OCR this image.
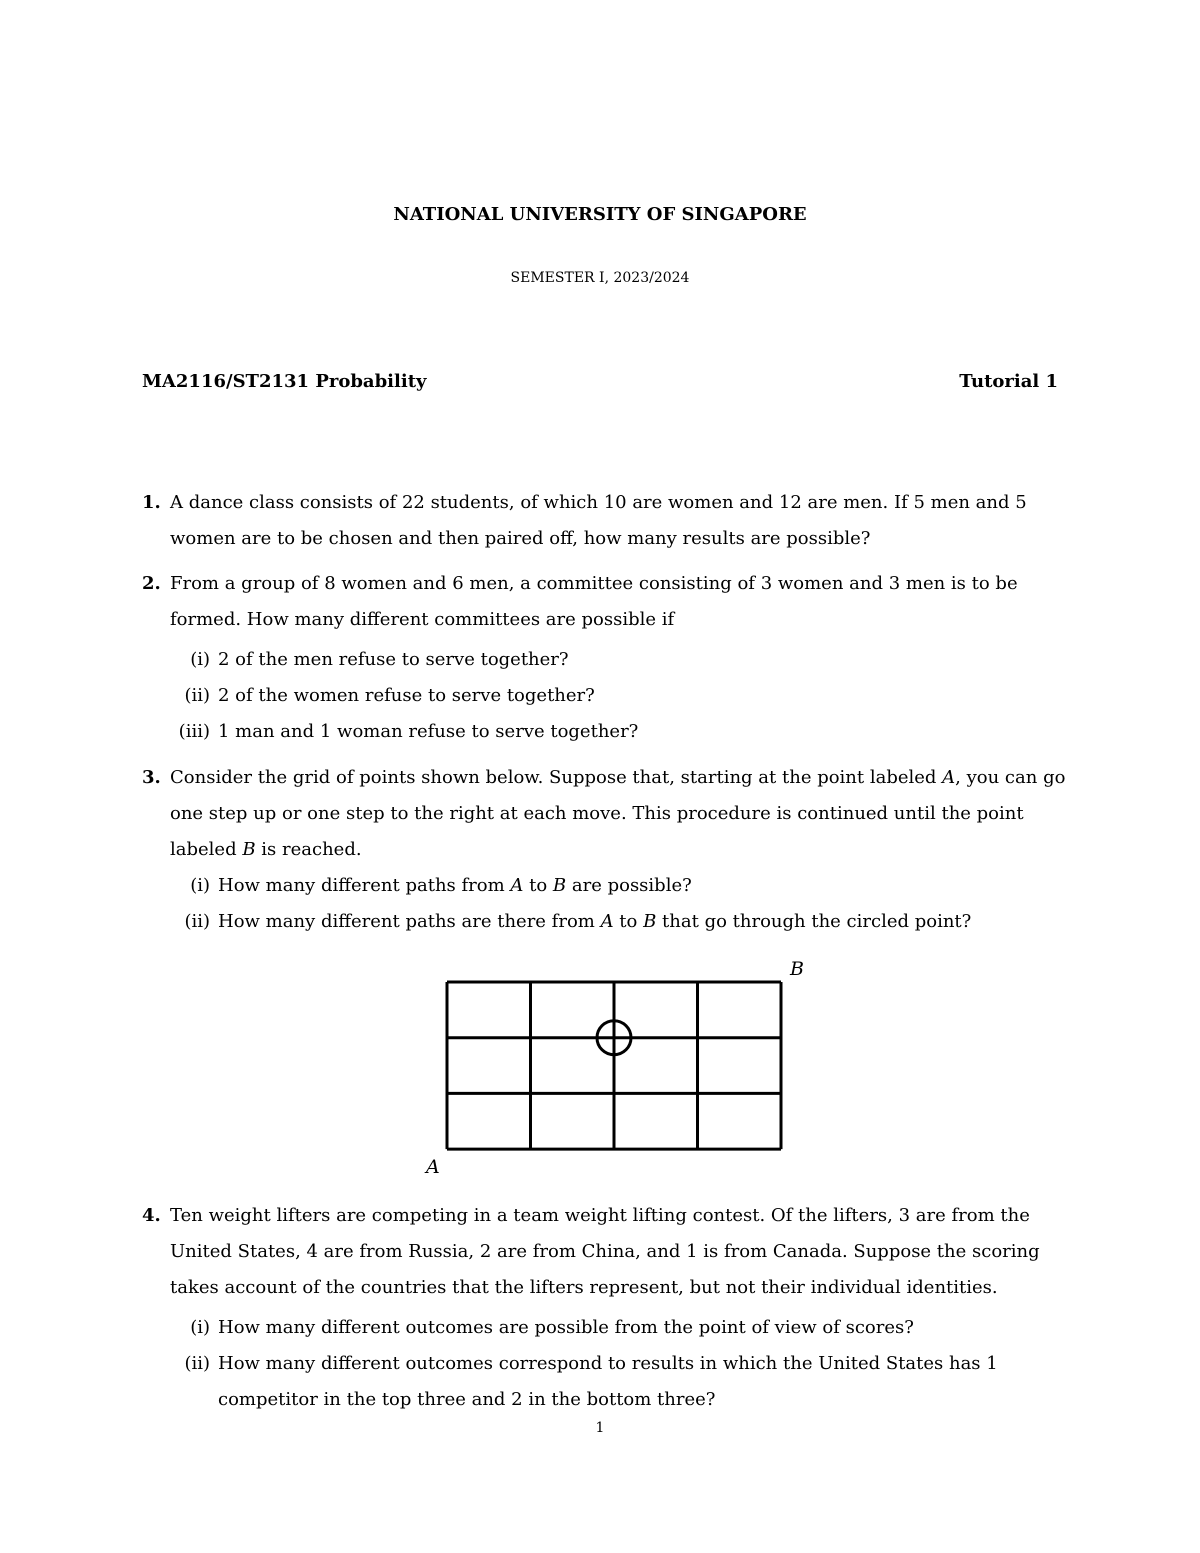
NATIONAL UNIVERSITY OF SINGAPORE
SEMESTER I, 2023/2024
MA2116/ST2131 Probability	Tutorial 1
1. A dance class consists of 22 students, of which 10 are women and 12 are men. If 5 men and 5 women are to be chosen and then paired off, how many results are possible?
2. From a group of 8 women and 6 men, a committee consisting of 3 women and 3 men is to be formed. How many different committees are possible if
(i) 2 of the men refuse to serve together?
(ii) 2 of the women refuse to serve together?
(iii) 1 man and 1 woman refuse to serve together?
3. Consider the grid of points shown below. Suppose that, starting at the point labeled A, you can go one step up or one step to the right at each move. This procedure is continued until the point labeled B is reached.
(i) How many different paths from A to B are possible?
(ii) How many different paths are there from A to B that go through the circled point?
B
A
4. Ten weight lifters are competing in a team weight lifting contest. Of the lifters, 3 are from the United States, 4 are from Russia, 2 are from China, and 1 is from Canada. Suppose the scoring takes account of the countries that the lifters represent, but not their individual identities.
(i) How many different outcomes are possible from the point of view of scores?
(ii) How many different outcomes correspond to results in which the United States has 1 competitor in the top three and 2 in the bottom three?
1
